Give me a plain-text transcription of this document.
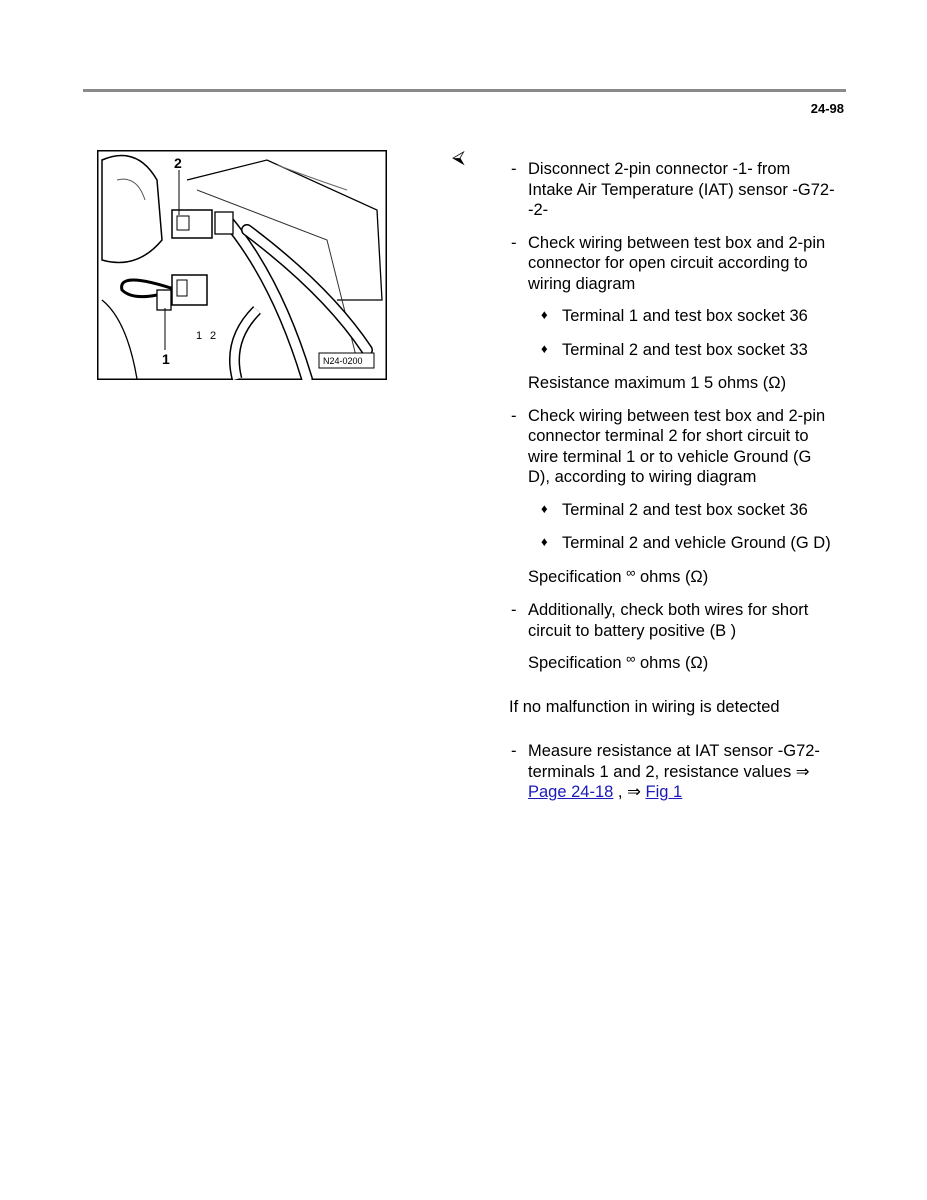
24-98
2
1
1 2
N24-0200
⮘
- Disconnect 2-pin connector -1- from Intake Air Temperature (IAT) sensor -G72- -2-
- Check wiring between test box and 2-pin connector for open circuit according to wiring diagram
♦ Terminal 1 and test box socket 36
♦ Terminal 2 and test box socket 33
Resistance maximum 1 5 ohms (Ω)
- Check wiring between test box and 2-pin connector terminal 2 for short circuit to wire terminal 1 or to vehicle Ground (G D), according to wiring diagram
♦ Terminal 2 and test box socket 36
♦ Terminal 2 and vehicle Ground (G D)
Specification ∞ ohms (Ω)
- Additionally, check both wires for short circuit to battery positive (B )
Specification ∞ ohms (Ω)
If no malfunction in wiring is detected
- Measure resistance at IAT sensor -G72- terminals 1 and 2, resistance values ⇒ Page 24-18 , ⇒ Fig 1
